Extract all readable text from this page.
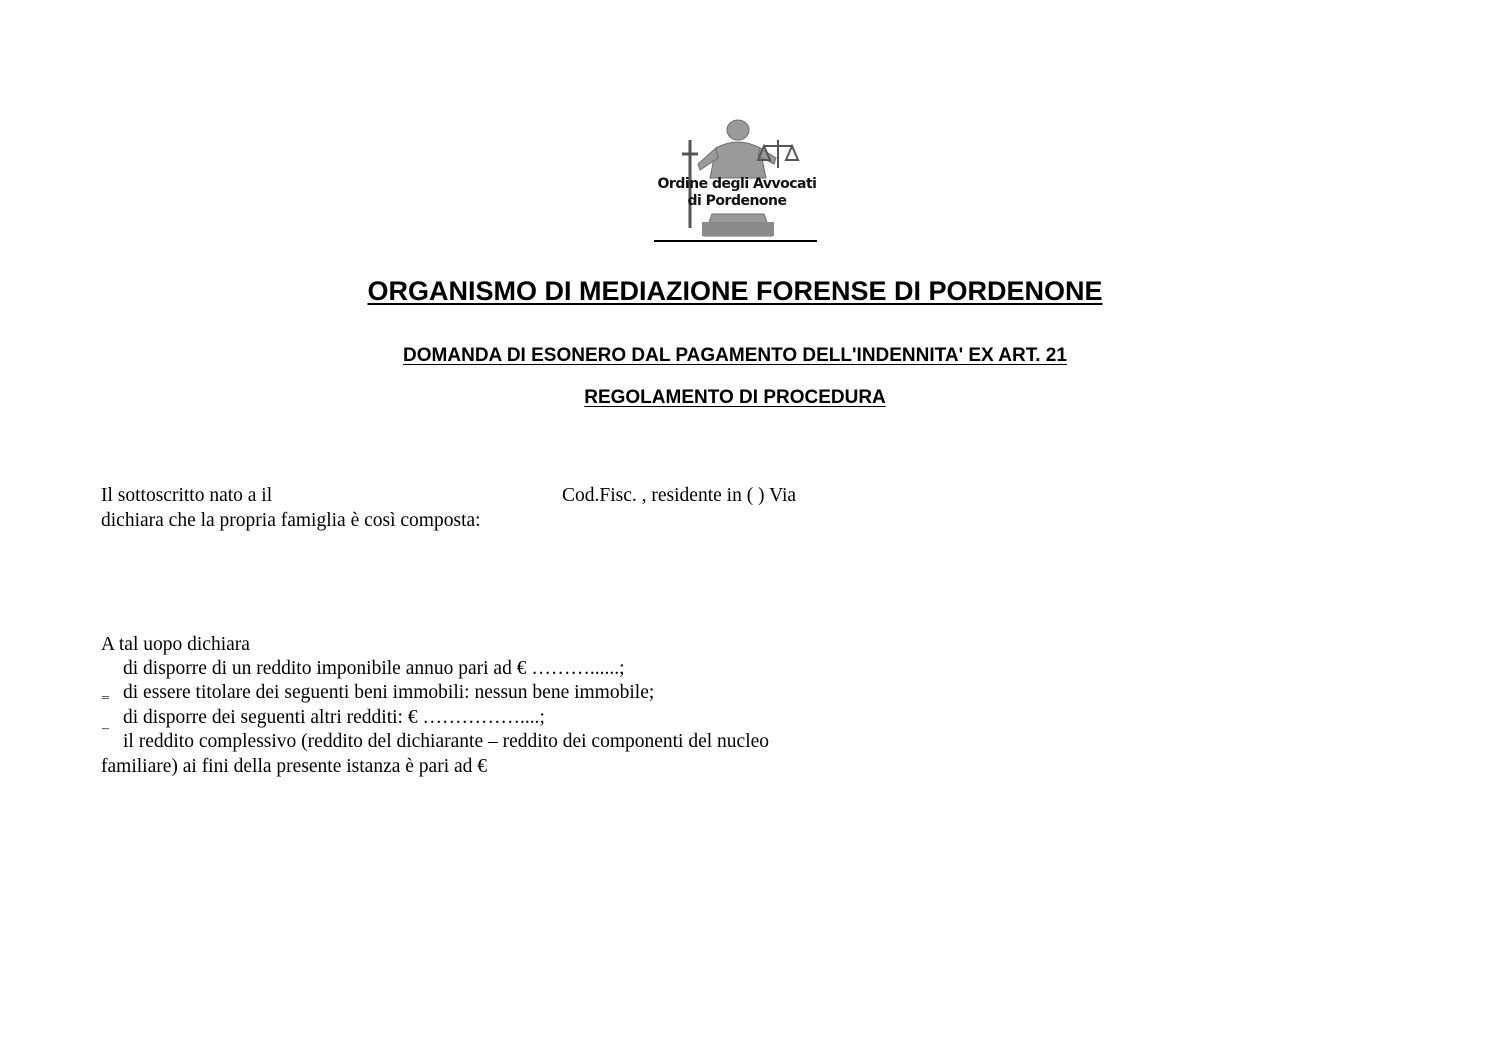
Ordine degli Avvocati
di Pordenone
ORGANISMO DI MEDIAZIONE FORENSE DI PORDENONE
DOMANDA DI ESONERO DAL PAGAMENTO DELL'INDENNITA' EX ART. 21
REGOLAMENTO DI PROCEDURA
Il sottoscritto nato a il	Cod.Fisc. , residente in ( ) Via
dichiara che la propria famiglia è così composta:
A tal uopo dichiara
di disporre di un reddito imponibile annuo pari ad € ………......;
‗ di essere titolare dei seguenti beni immobili: nessun bene immobile;
di disporre dei seguenti altri redditi: € ……………....;
¯ il reddito complessivo (reddito del dichiarante – reddito dei componenti del nucleo
familiare) ai fini della presente istanza è pari ad €
